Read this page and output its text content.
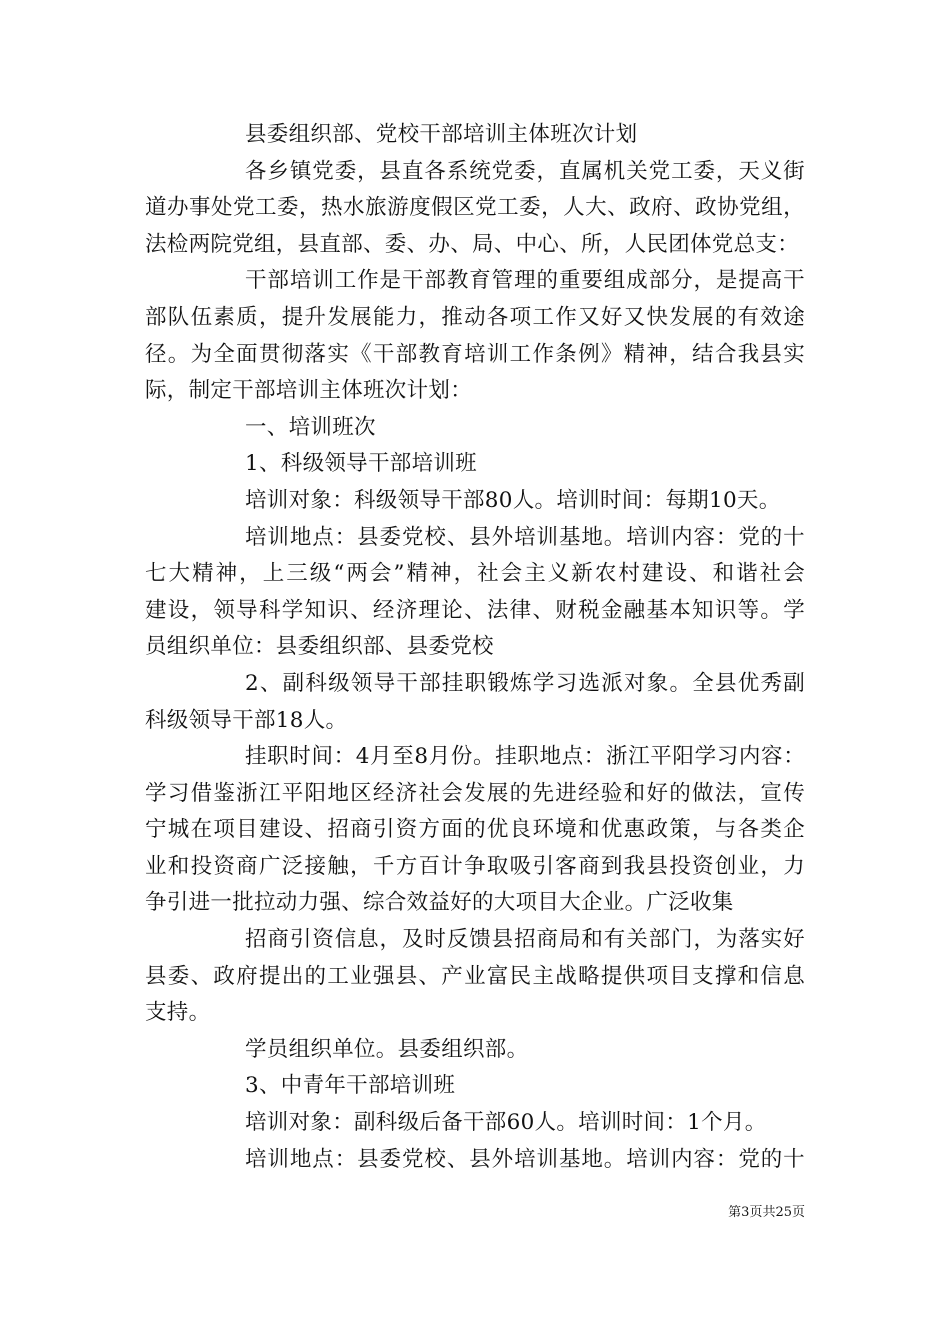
县委组织部、党校干部培训主体班次计划
各乡镇党委，县直各系统党委，直属机关党工委，天义街
道办事处党工委，热水旅游度假区党工委，人大、政府、政协党组，
法检两院党组，县直部、委、办、局、中心、所，人民团体党总支：
干部培训工作是干部教育管理的重要组成部分，是提高干
部队伍素质，提升发展能力，推动各项工作又好又快发展的有效途
径。为全面贯彻落实《干部教育培训工作条例》精神，结合我县实
际，制定干部培训主体班次计划：
一、培训班次
1、科级领导干部培训班
培训对象：科级领导干部80人。培训时间：每期10天。
培训地点：县委党校、县外培训基地。培训内容：党的十
七大精神，上三级“两会”精神，社会主义新农村建设、和谐社会
建设，领导科学知识、经济理论、法律、财税金融基本知识等。学
员组织单位：县委组织部、县委党校
2、副科级领导干部挂职锻炼学习选派对象。全县优秀副
科级领导干部18人。
挂职时间：4月至8月份。挂职地点：浙江平阳学习内容：
学习借鉴浙江平阳地区经济社会发展的先进经验和好的做法，宣传
宁城在项目建设、招商引资方面的优良环境和优惠政策，与各类企
业和投资商广泛接触，千方百计争取吸引客商到我县投资创业，力
争引进一批拉动力强、综合效益好的大项目大企业。广泛收集
招商引资信息，及时反馈县招商局和有关部门，为落实好
县委、政府提出的工业强县、产业富民主战略提供项目支撑和信息
支持。
学员组织单位。县委组织部。
3、中青年干部培训班
培训对象：副科级后备干部60人。培训时间：1个月。
培训地点：县委党校、县外培训基地。培训内容：党的十
第3页共25页
